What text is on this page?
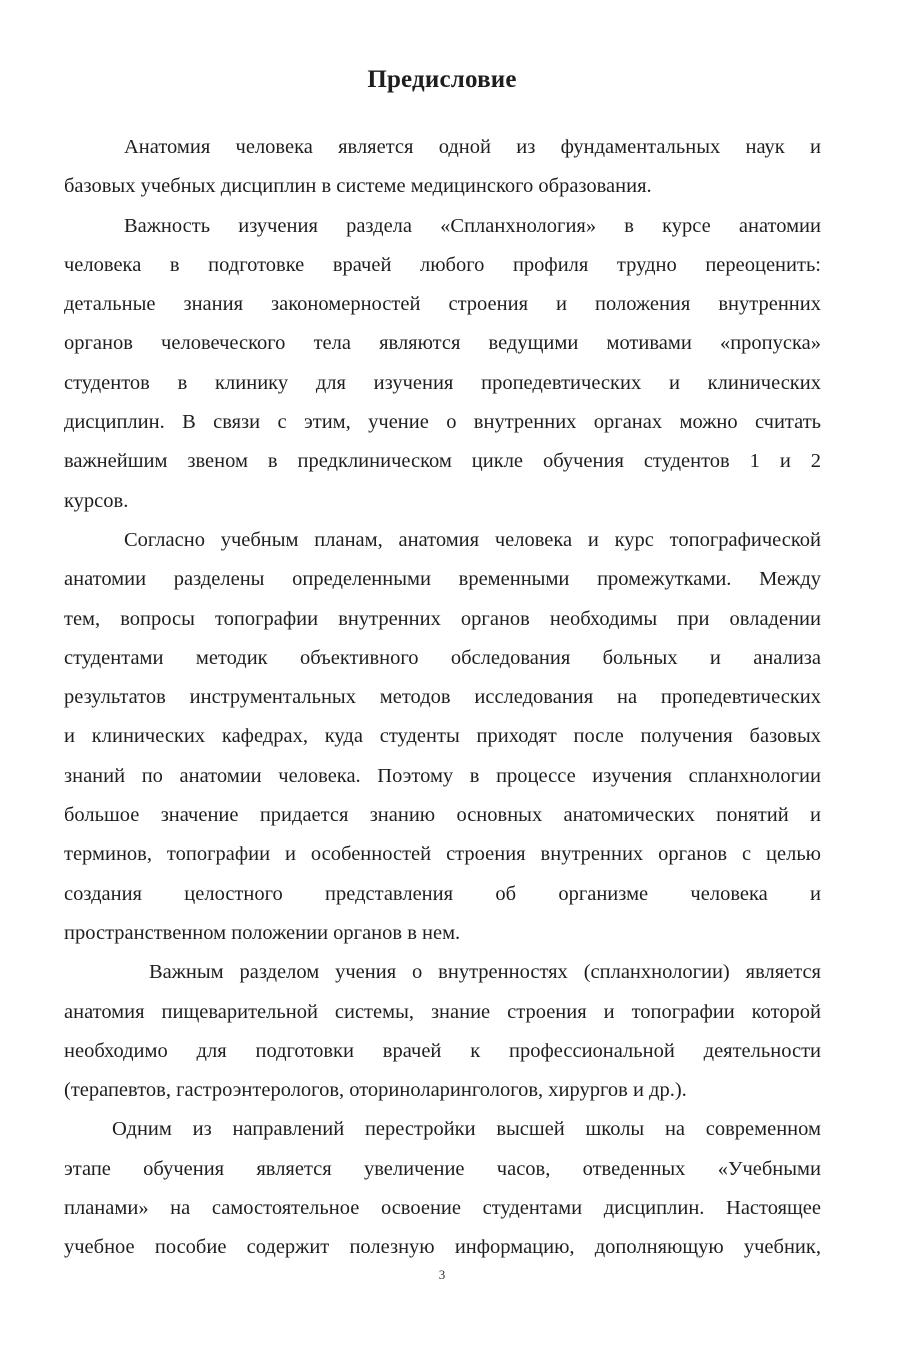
Предисловие

Анатомия человека является одной из фундаментальных наук и
базовых учебных дисциплин в системе медицинского образования.

Важность изучения раздела «Спланхнология» в курсе анатомии
человека в подготовке врачей любого профиля трудно переоценить:
детальные знания закономерностей строения и положения внутренних
органов человеческого тела являются ведущими мотивами «пропуска»
студентов в клинику для изучения пропедевтических и клинических
дисциплин. В связи с этим, учение о внутренних органах можно считать
важнейшим звеном в предклиническом цикле обучения студентов 1 и 2
курсов.

Согласно учебным планам, анатомия человека и курс топографической
анатомии разделены определенными временными промежутками. Между
тем, вопросы топографии внутренних органов необходимы при овладении
студентами методик объективного обследования больных и анализа
результатов инструментальных методов исследования на пропедевтических
и клинических кафедрах, куда студенты приходят после получения базовых
знаний по анатомии человека. Поэтому в процессе изучения спланхнологии
большое значение придается знанию основных анатомических понятий и
терминов, топографии и особенностей строения внутренних органов с целью
создания целостного представления об организме человека и
пространственном положении органов в нем.

Важным разделом учения о внутренностях (спланхнологии) является
анатомия пищеварительной системы, знание строения и топографии которой
необходимо для подготовки врачей к профессиональной деятельности
(терапевтов, гастроэнтерологов, оториноларингологов, хирургов и др.).

Одним из направлений перестройки высшей школы на современном
этапе обучения является увеличение часов, отведенных «Учебными
планами» на самостоятельное освоение студентами дисциплин. Настоящее
учебное пособие содержит полезную информацию, дополняющую учебник,

3
